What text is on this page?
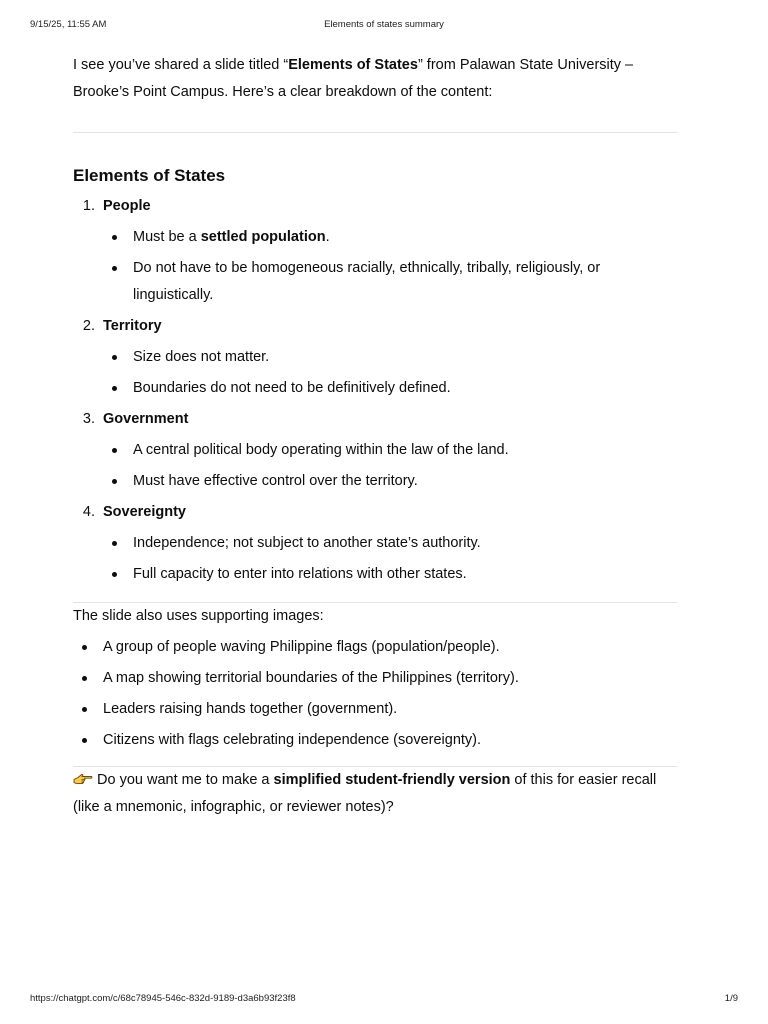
9/15/25, 11:55 AM	Elements of states summary

I see you’ve shared a slide titled “Elements of States” from Palawan State University – Brooke’s Point Campus. Here’s a clear breakdown of the content:

Elements of States
1. People
Must be a settled population.
Do not have to be homogeneous racially, ethnically, tribally, religiously, or linguistically.
2. Territory
Size does not matter.
Boundaries do not need to be definitively defined.
3. Government
A central political body operating within the law of the land.
Must have effective control over the territory.
4. Sovereignty
Independence; not subject to another state’s authority.
Full capacity to enter into relations with other states.

The slide also uses supporting images:

A group of people waving Philippine flags (population/people).
A map showing territorial boundaries of the Philippines (territory).
Leaders raising hands together (government).
Citizens with flags celebrating independence (sovereignty).

Do you want me to make a simplified student-friendly version of this for easier recall (like a mnemonic, infographic, or reviewer notes)?

https://chatgpt.com/c/68c78945-546c-832d-9189-d3a6b93f23f8	1/9
